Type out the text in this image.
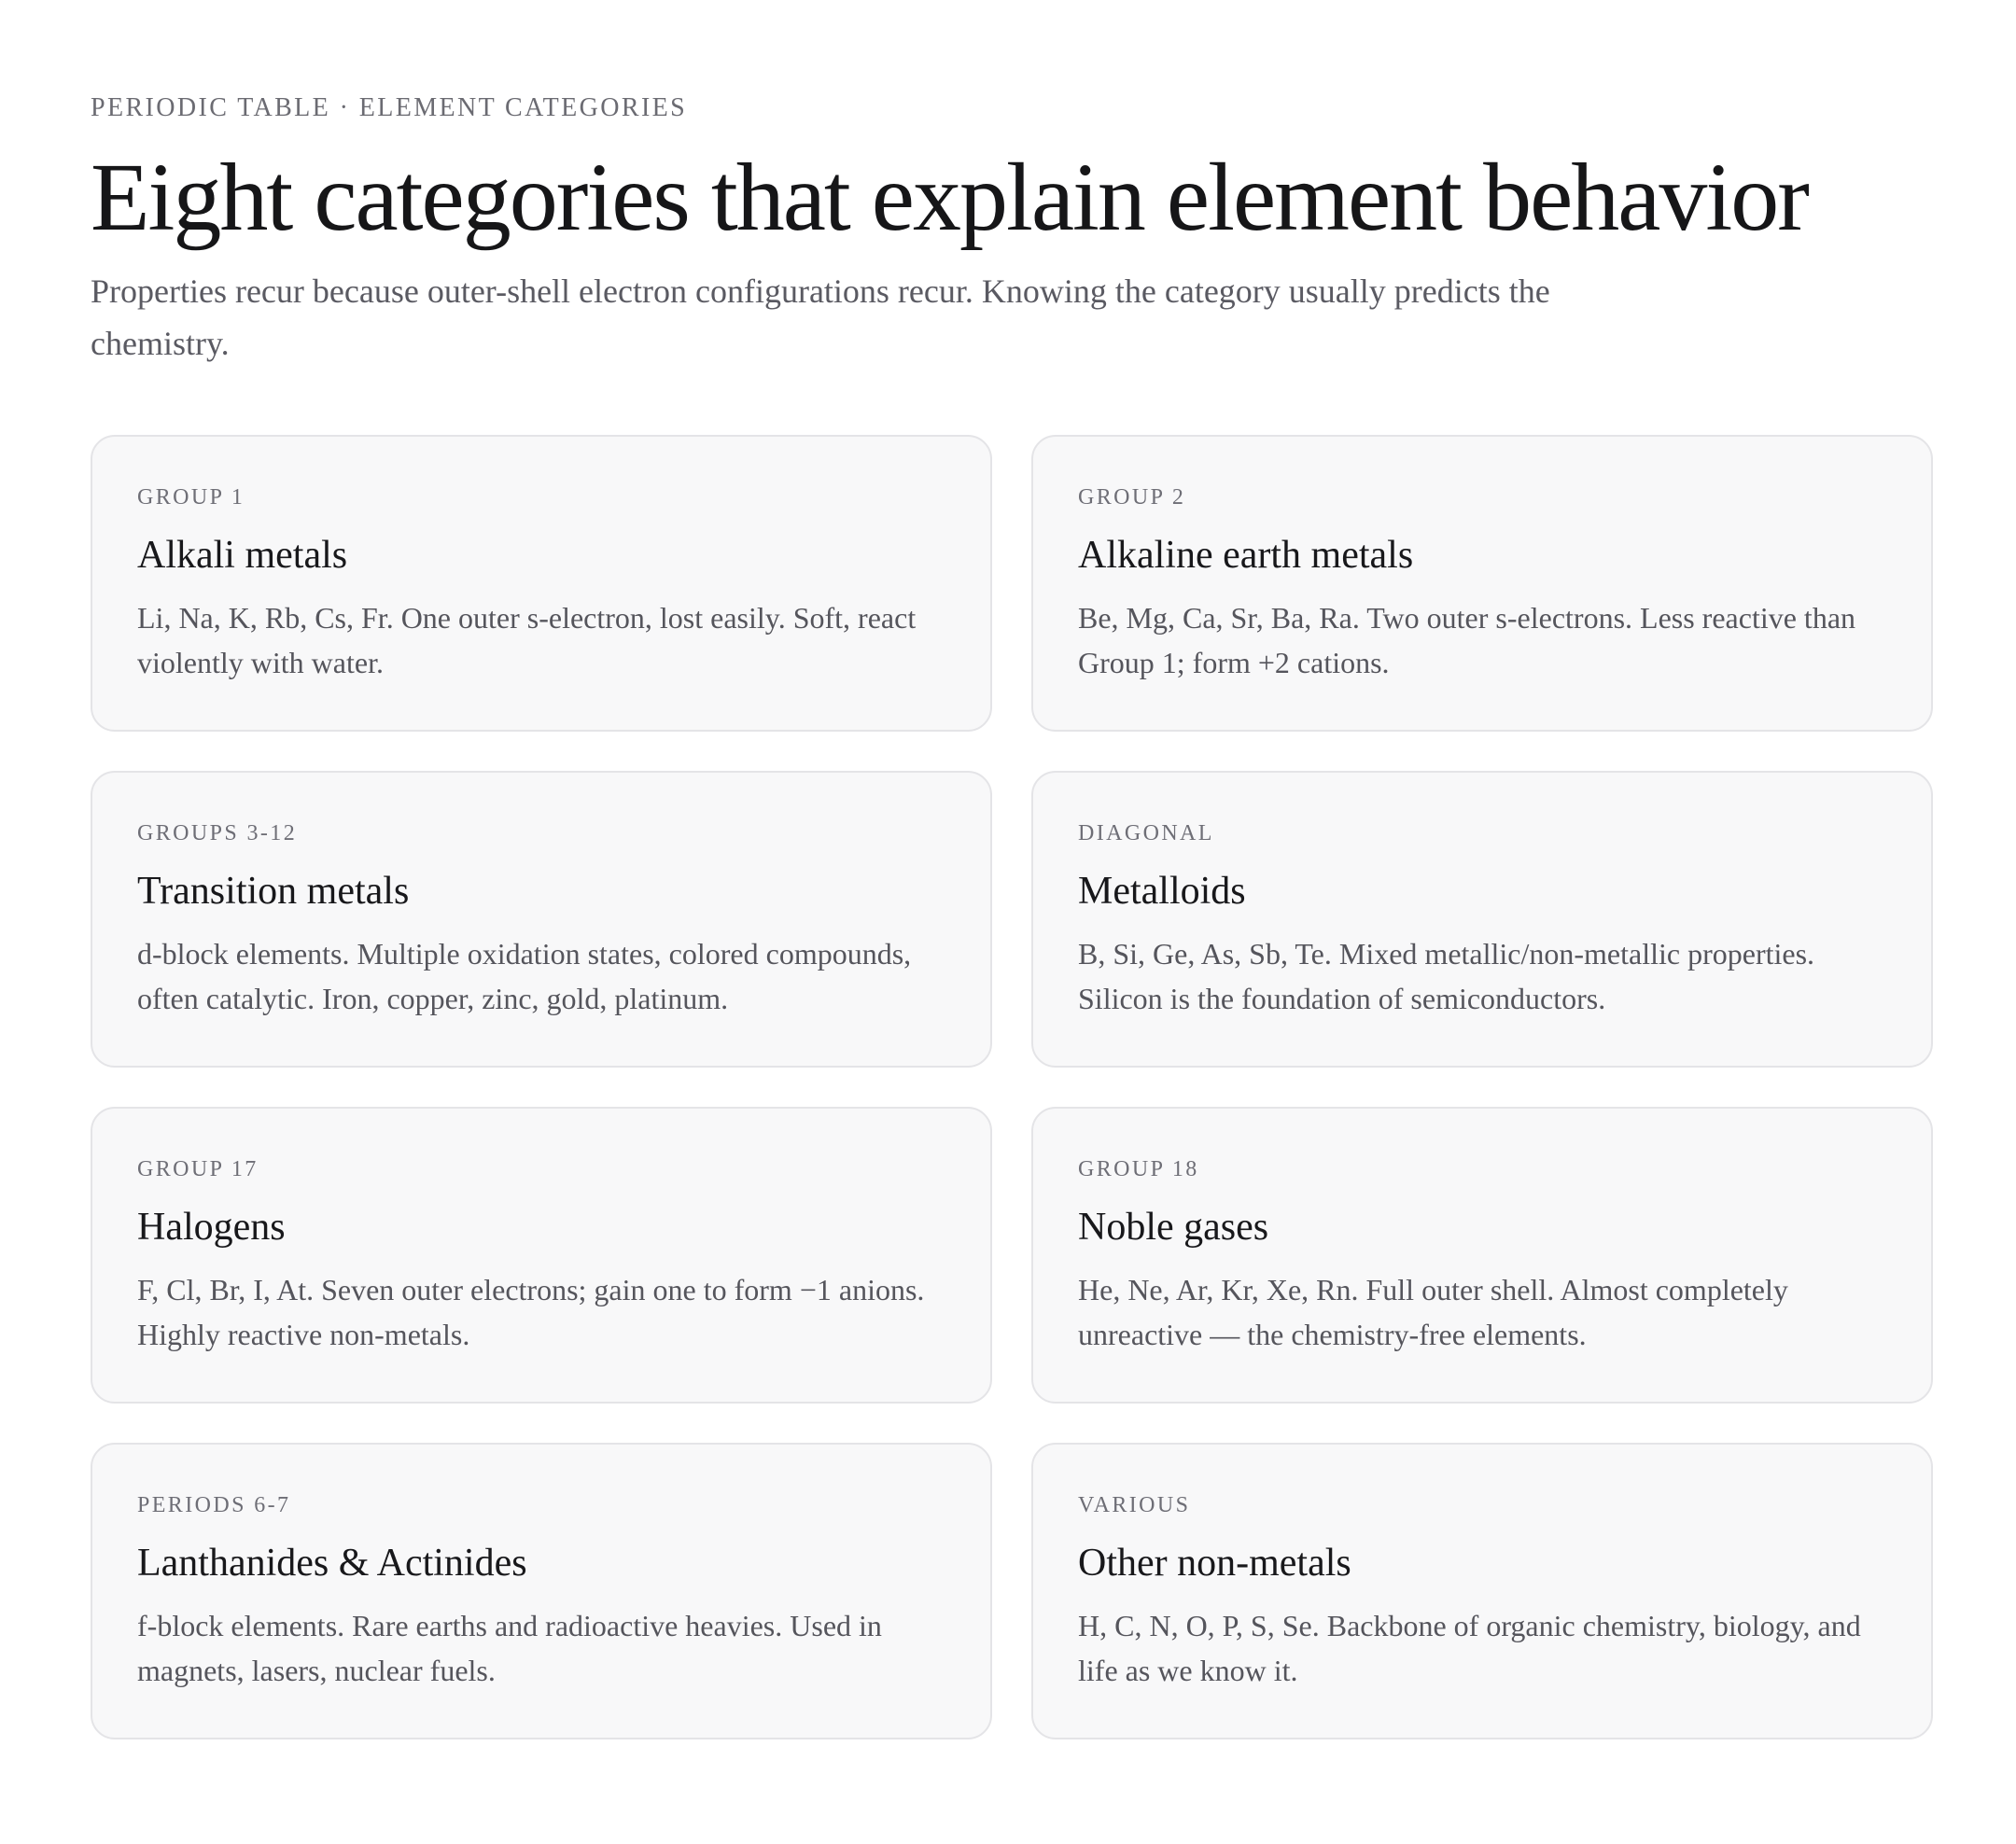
PERIODIC TABLE · ELEMENT CATEGORIES

Eight categories that explain element behavior

Properties recur because outer-shell electron configurations recur. Knowing the category usually predicts the chemistry.

GROUP 1

Alkali metals

Li, Na, K, Rb, Cs, Fr. One outer s-electron, lost easily. Soft, react violently with water.

GROUP 2

Alkaline earth metals

Be, Mg, Ca, Sr, Ba, Ra. Two outer s-electrons. Less reactive than Group 1; form +2 cations.

GROUPS 3-12

Transition metals

d-block elements. Multiple oxidation states, colored compounds, often catalytic. Iron, copper, zinc, gold, platinum.

DIAGONAL

Metalloids

B, Si, Ge, As, Sb, Te. Mixed metallic/non-metallic properties. Silicon is the foundation of semiconductors.

GROUP 17

Halogens

F, Cl, Br, I, At. Seven outer electrons; gain one to form −1 anions. Highly reactive non-metals.

GROUP 18

Noble gases

He, Ne, Ar, Kr, Xe, Rn. Full outer shell. Almost completely unreactive — the chemistry-free elements.

PERIODS 6-7

Lanthanides & Actinides

f-block elements. Rare earths and radioactive heavies. Used in magnets, lasers, nuclear fuels.

VARIOUS

Other non-metals

H, C, N, O, P, S, Se. Backbone of organic chemistry, biology, and life as we know it.
